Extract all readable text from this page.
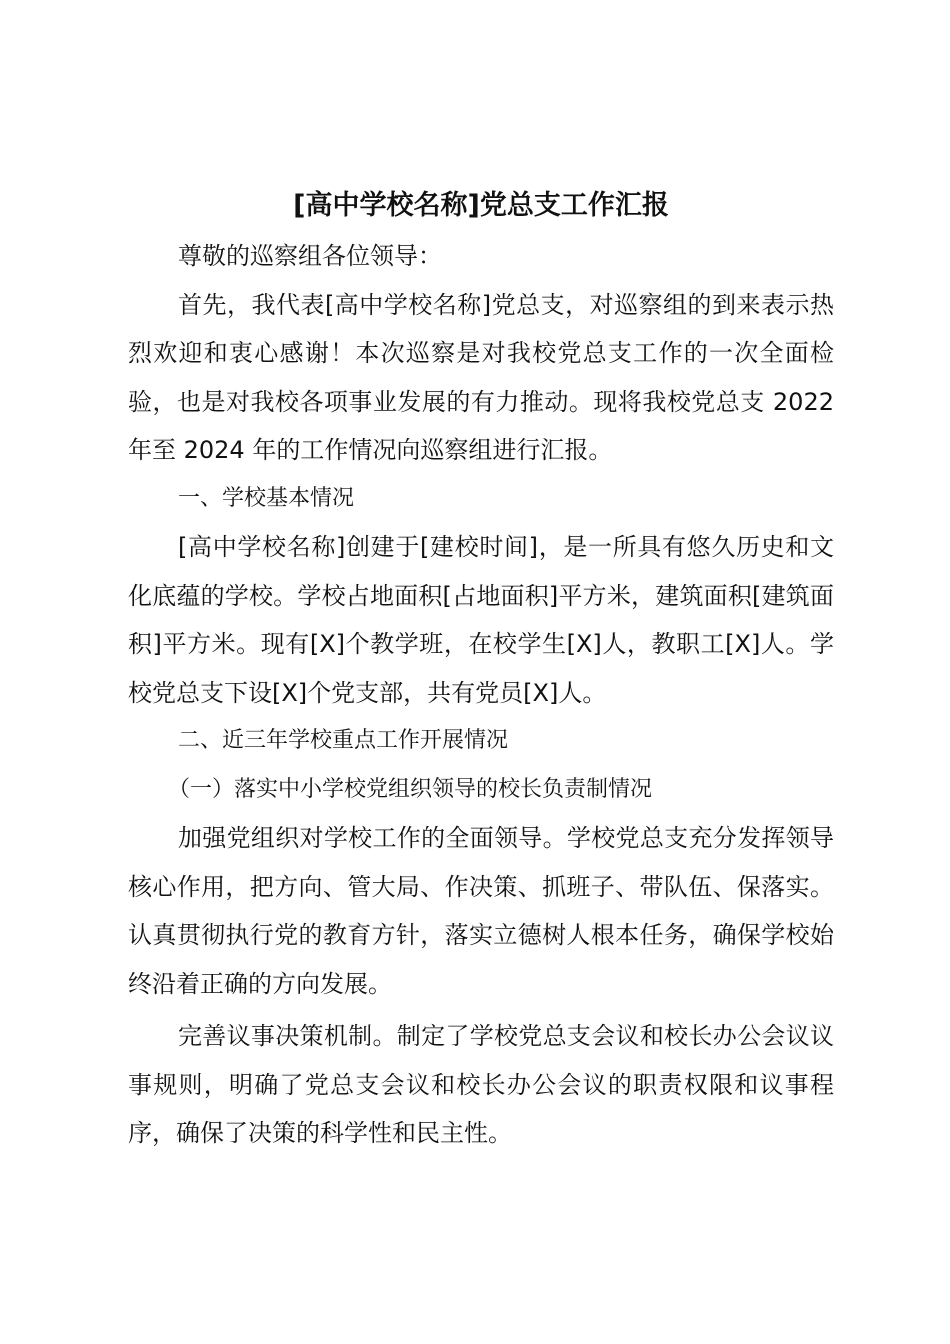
[高中学校名称]党总支工作汇报

尊敬的巡察组各位领导：

首先，我代表[高中学校名称]党总支，对巡察组的到来表示热烈欢迎和衷心感谢！本次巡察是对我校党总支工作的一次全面检验，也是对我校各项事业发展的有力推动。现将我校党总支 2022 年至 2024 年的工作情况向巡察组进行汇报。

一、学校基本情况

[高中学校名称]创建于[建校时间]，是一所具有悠久历史和文化底蕴的学校。学校占地面积[占地面积]平方米，建筑面积[建筑面积]平方米。现有[X]个教学班，在校学生[X]人，教职工[X]人。学校党总支下设[X]个党支部，共有党员[X]人。

二、近三年学校重点工作开展情况

（一）落实中小学校党组织领导的校长负责制情况

加强党组织对学校工作的全面领导。学校党总支充分发挥领导核心作用，把方向、管大局、作决策、抓班子、带队伍、保落实。认真贯彻执行党的教育方针，落实立德树人根本任务，确保学校始终沿着正确的方向发展。

完善议事决策机制。制定了学校党总支会议和校长办公会议议事规则，明确了党总支会议和校长办公会议的职责权限和议事程序，确保了决策的科学性和民主性。
